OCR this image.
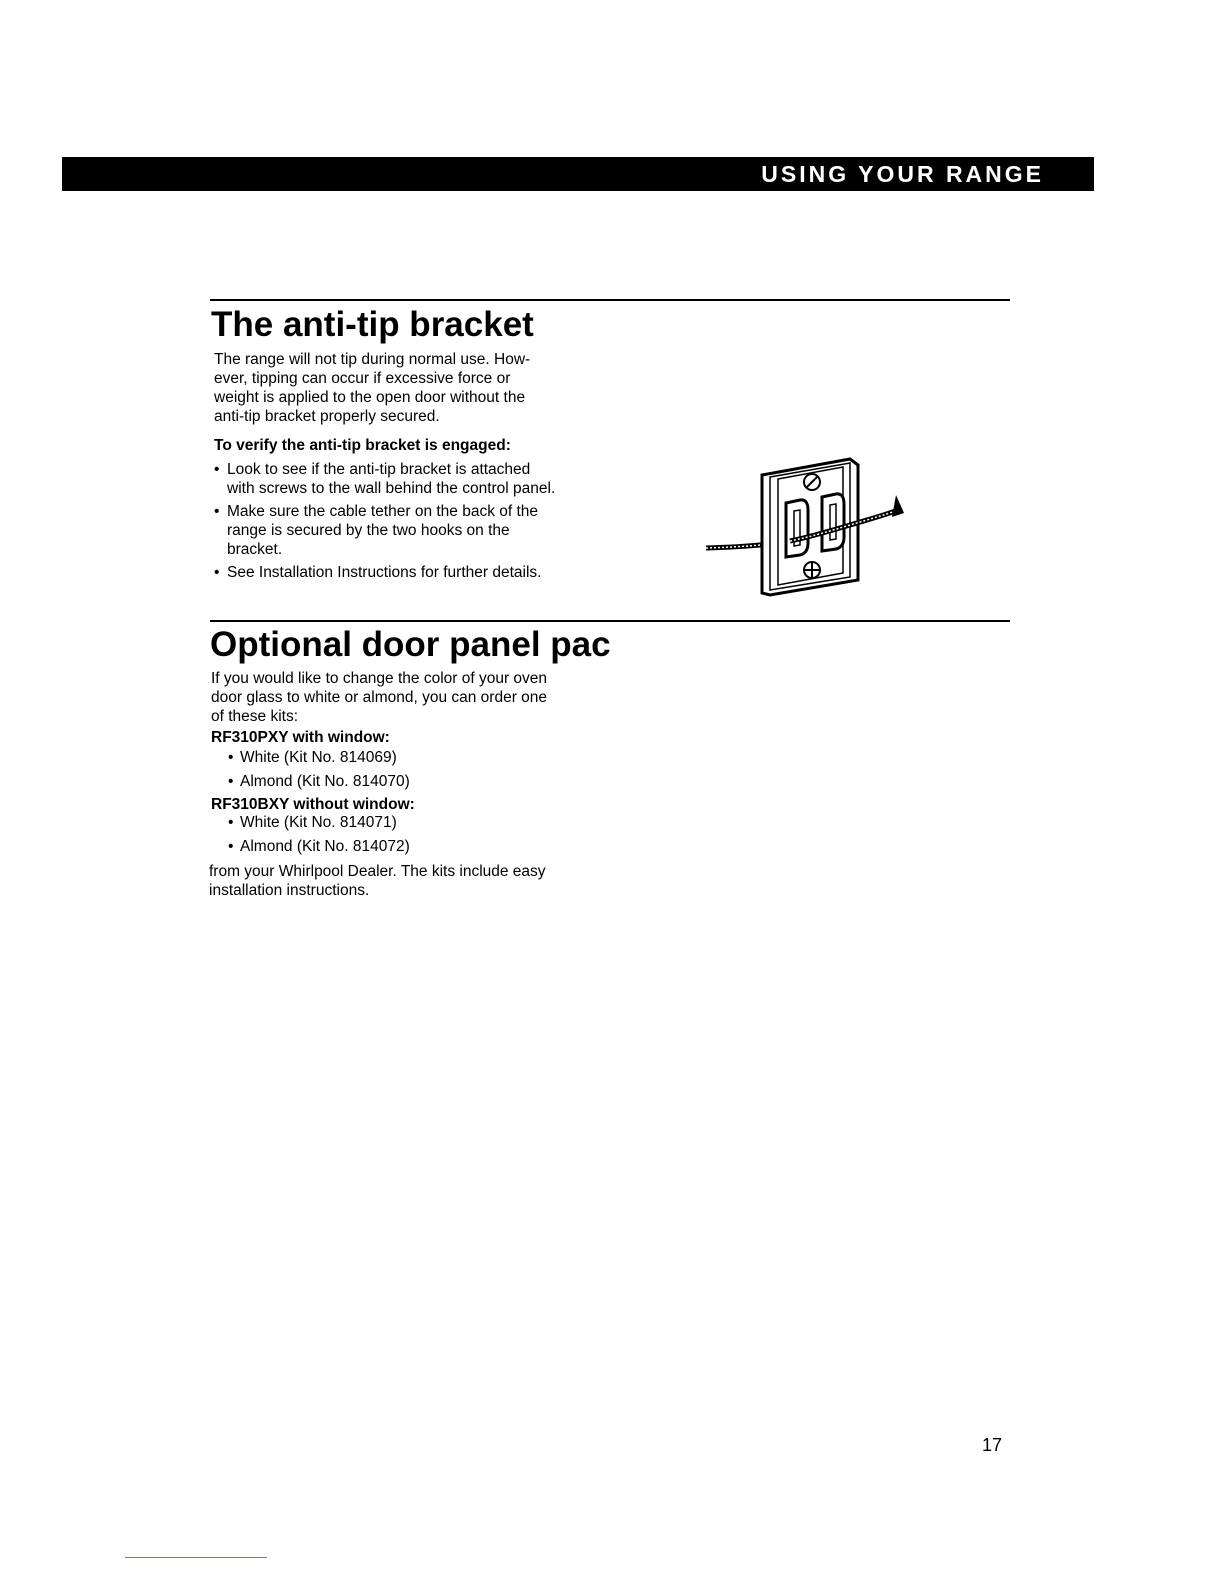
USING YOUR RANGE
The anti-tip bracket

The range will not tip during normal use. How-
ever, tipping can occur if excessive force or
weight is applied to the open door without the
anti-tip bracket properly secured.

To verify the anti-tip bracket is engaged:

• Look to see if the anti-tip bracket is attached
with screws to the wall behind the control panel.
• Make sure the cable tether on the back of the
range is secured by the two hooks on the
bracket.
• See Installation Instructions for further details.
Optional door panel pac

If you would like to change the color of your oven
door glass to white or almond, you can order one
of these kits:

RF310PXY with window:

• White (Kit No. 814069)
• Almond (Kit No. 814070)

RF310BXY without window:

• White (Kit No. 814071)
• Almond (Kit No. 814072)

from your Whirlpool Dealer. The kits include easy
installation instructions.

17
